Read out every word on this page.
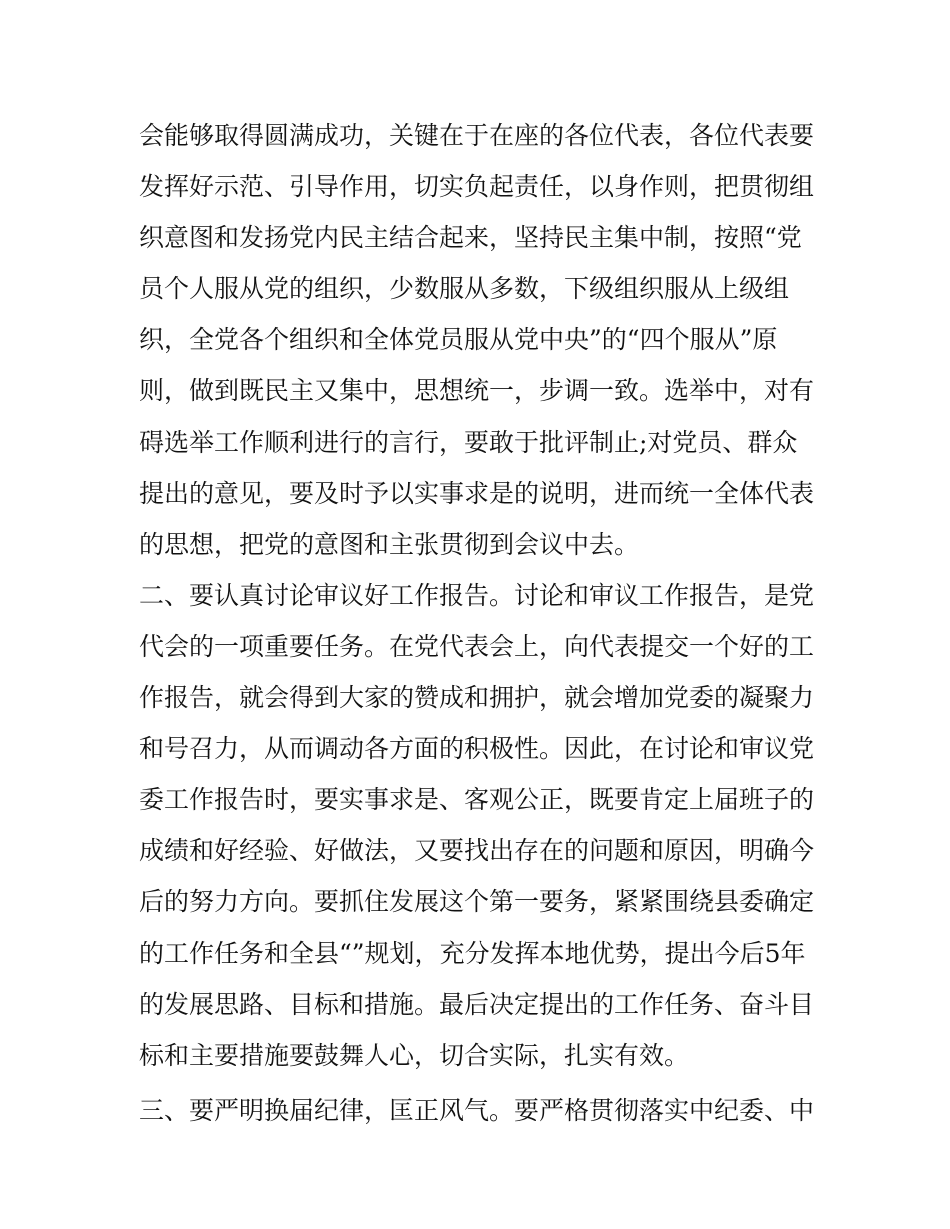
会能够取得圆满成功，关键在于在座的各位代表，各位代表要
发挥好示范、引导作用，切实负起责任，以身作则，把贯彻组
织意图和发扬党内民主结合起来，坚持民主集中制，按照“党
员个人服从党的组织，少数服从多数，下级组织服从上级组
织，全党各个组织和全体党员服从党中央”的“四个服从”原
则，做到既民主又集中，思想统一，步调一致。选举中，对有
碍选举工作顺利进行的言行，要敢于批评制止;对党员、群众
提出的意见，要及时予以实事求是的说明，进而统一全体代表
的思想，把党的意图和主张贯彻到会议中去。
二、要认真讨论审议好工作报告。讨论和审议工作报告，是党
代会的一项重要任务。在党代表会上，向代表提交一个好的工
作报告，就会得到大家的赞成和拥护，就会增加党委的凝聚力
和号召力，从而调动各方面的积极性。因此，在讨论和审议党
委工作报告时，要实事求是、客观公正，既要肯定上届班子的
成绩和好经验、好做法，又要找出存在的问题和原因，明确今
后的努力方向。要抓住发展这个第一要务，紧紧围绕县委确定
的工作任务和全县“”规划，充分发挥本地优势，提出今后5年
的发展思路、目标和措施。最后决定提出的工作任务、奋斗目
标和主要措施要鼓舞人心，切合实际，扎实有效。
三、要严明换届纪律，匡正风气。要严格贯彻落实中纪委、中
